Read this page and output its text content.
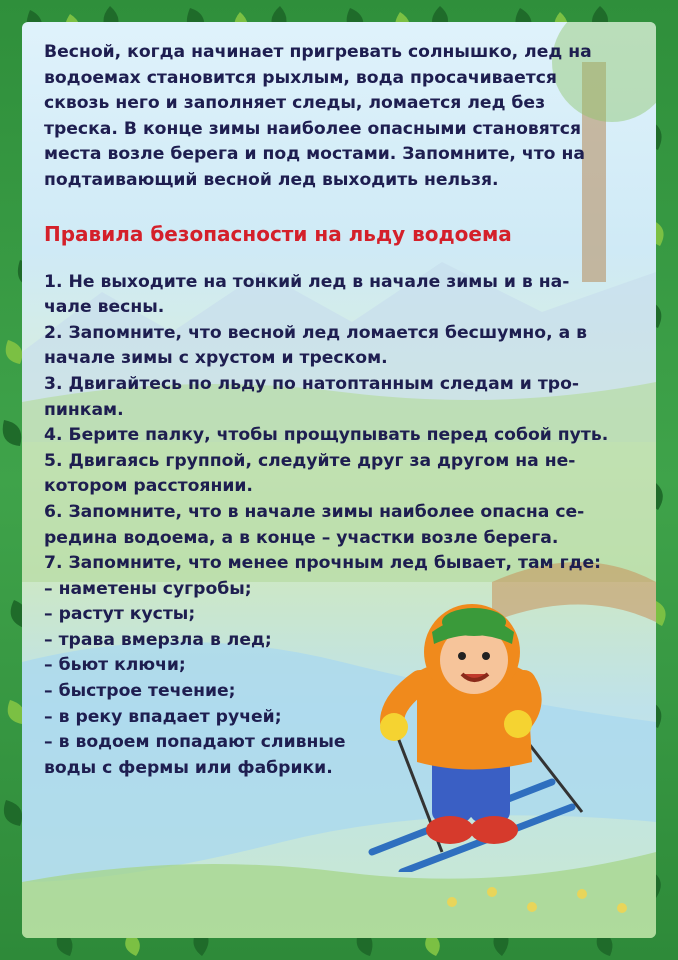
Весной, когда начинает пригревать солнышко, лед на
водоемах становится рыхлым, вода просачивается
сквозь него и заполняет следы, ломается лед без
треска. В конце зимы наиболее опасными становятся
места возле берега и под мостами. Запомните, что на
подтаивающий весной лед выходить нельзя.

Правила безопасности на льду водоема

1. Не выходите на тонкий лед в начале зимы и в на-
чале весны.
2. Запомните, что весной лед ломается бесшумно, а в
начале зимы с хрустом и треском.
3. Двигайтесь по льду по натоптанным следам и тро-
пинкам.
4. Берите палку, чтобы прощупывать перед собой путь.
5. Двигаясь группой, следуйте друг за другом на не-
котором расстоянии.
6. Запомните, что в начале зимы наиболее опасна се-
редина водоема, а в конце – участки возле берега.
7. Запомните, что менее прочным лед бывает, там где:
– наметены сугробы;
– растут кусты;
– трава вмерзла в лед;
– бьют ключи;
– быстрое течение;
– в реку впадает ручей;
– в водоем попадают сливные
воды с фермы или фабрики.
